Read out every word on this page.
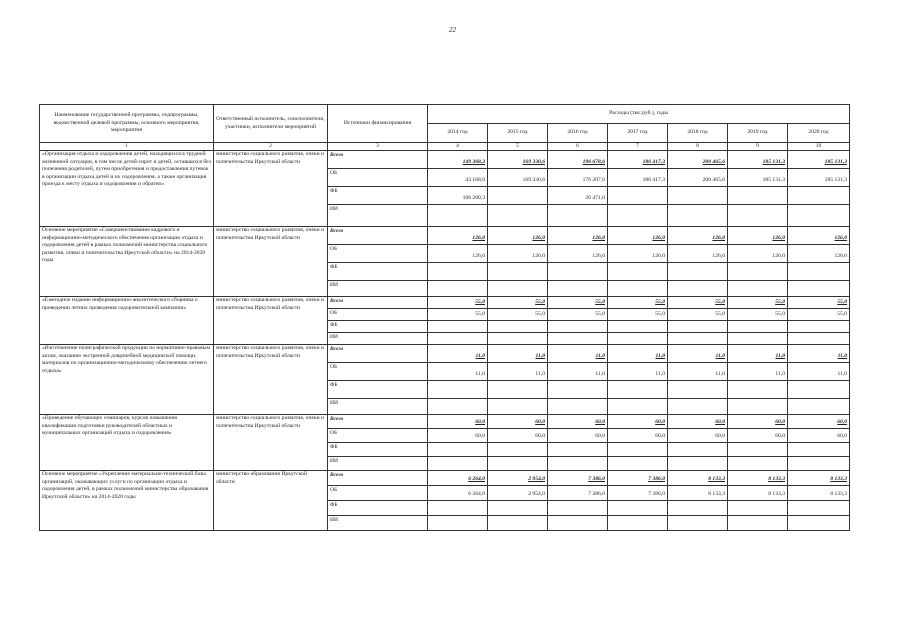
22
Наименование государственной программы, подпрограммы, ведомственной целевой программы, основного мероприятия, мероприятия	Ответственный исполнитель, соисполнители, участники, исполнители мероприятий	Источники финансирования	Расходы (тыс.руб.), годы						
			2014 год	2015 год	2016 год	2017 год	2018 год	2019 год	2020 год
1	2	3	4	5	6	7	8	9	10
«Организация отдыха и оздоровления детей, находящихся в трудной жизненной ситуации, в том числе детей-сирот и детей, оставшихся без попечения родителей, путем приобретения и предоставления путевок в организации отдыха детей и их оздоровления, а также организация проезда к месту отдыха и оздоровления и обратно»	министерство социального развития, опеки и попечительства Иркутской области	Всего	149 368,3	169 330,6	196 678,6	186 417,3	200 465,6	185 131,3	185 131,3
		ОБ	43 168,0	169 330,6	176 207,6	186 417,3	200 465,6	185 131,3	185 131,3
		ФБ	106 200,3		20 471,0				
		ИИ							
Основное мероприятие «Совершенствование кадрового и информационно-методического обеспечения организации отдыха и оздоровления детей в рамках полномочий министерства социального развития, опеки и попечительства Иркутской области» на 2014-2020 годы	министерство социального развития, опеки и попечительства Иркутской области	Всего	126,0	126,0	126,0	126,0	126,0	126,0	126,0
		ОБ	126,0	126,0	126,0	126,0	126,0	126,0	126,0
		ФБ							
		ИИ							
«Ежегодное издание информационно-аналитического сборника о проведении летних проведения оздоровительной кампании»	министерство социального развития, опеки и попечительства Иркутской области	Всего	55,0	55,0	55,0	55,0	55,0	55,0	55,0
		ОБ	55,0	55,0	55,0	55,0	55,0	55,0	55,0
		ФБ							
		ИИ							
«Изготовление полиграфической продукции по нормативно-правовым актам, оказанию экстренной доврачебной медицинской помощи, материалов по организационно-методическому обеспечению летнего отдыха»	министерство социального развития, опеки и попечительства Иркутской области	Всего	11,0	11,0	11,0	11,0	11,0	11,0	11,0
		ОБ	11,0	11,0	11,0	11,0	11,0	11,0	11,0
		ФБ							
		ИИ							
«Проведение обучающих семинаров, курсов повышения квалификации подготовки руководителей областных и муниципальных организаций отдыха и оздоровления»	министерство социального развития, опеки и попечительства Иркутской области	Всего	60,0	60,0	60,0	60,0	60,0	60,0	60,0
		ОБ	60,0	60,0	60,0	60,0	60,0	60,0	60,0
		ФБ							
		ИИ							
Основное мероприятие «Укрепление материально-технической базы организаций, оказывающих услуги по организации отдыха и оздоровления детей, в рамках полномочий министерства образования Иркутской области» на 2014-2020 годы	министерство образования Иркутской области	Всего	6 264,0	2 954,0	7 386,0	7 386,0	8 133,3	8 133,3	8 133,3
		ОБ	6 264,0	2 954,0	7 386,0	7 386,0	8 133,3	8 133,3	8 133,3
		ФБ							
		ИИ							
